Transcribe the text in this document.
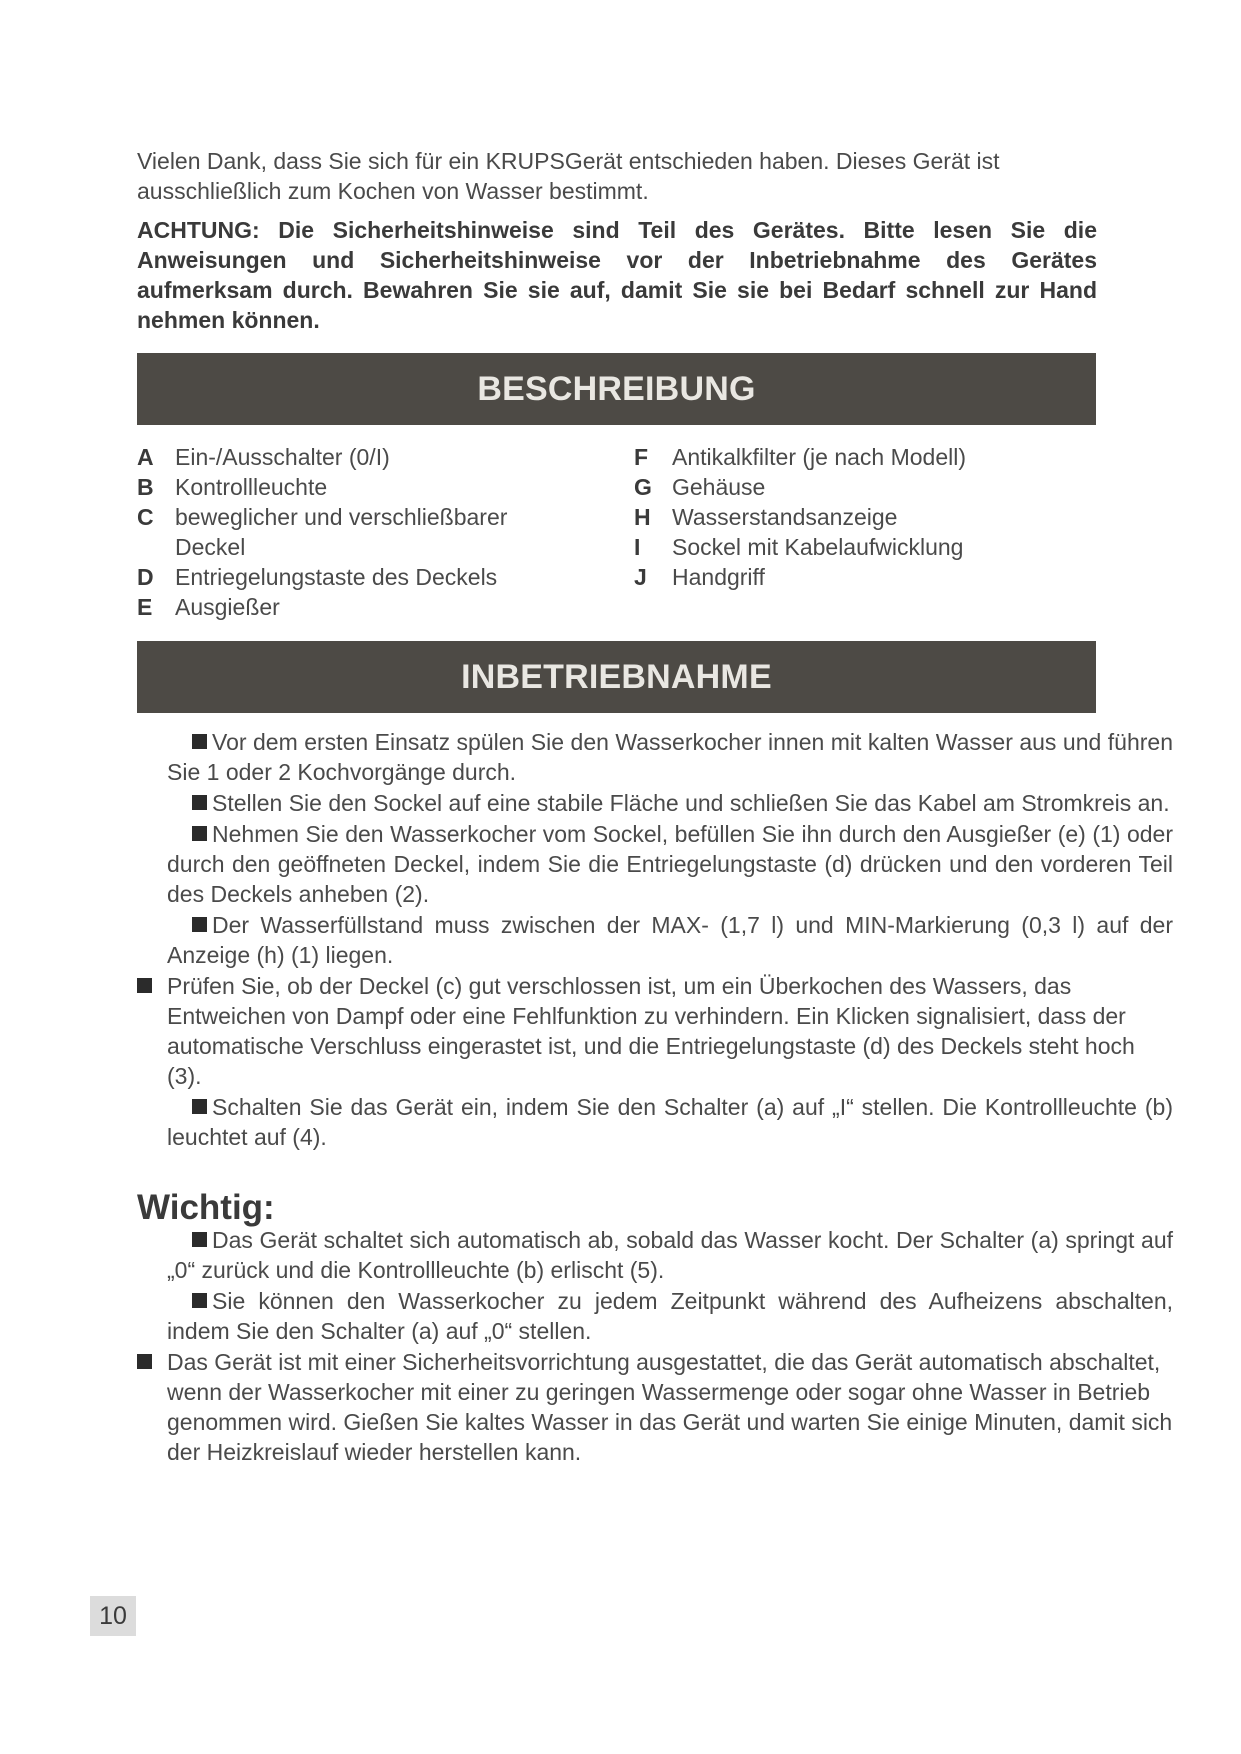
Vielen Dank, dass Sie sich für ein KRUPSGerät entschieden haben. Dieses Gerät ist ausschließlich zum Kochen von Wasser bestimmt.

ACHTUNG: Die Sicherheitshinweise sind Teil des Gerätes. Bitte lesen Sie die Anweisungen und Sicherheitshinweise vor der Inbetriebnahme des Gerätes aufmerksam durch. Bewahren Sie sie auf, damit Sie sie bei Bedarf schnell zur Hand nehmen können.

BESCHREIBUNG
A Ein-/Ausschalter (0/I)
B Kontrollleuchte
C beweglicher und verschließbarer Deckel
D Entriegelungstaste des Deckels
E Ausgießer
F	Antikalkfilter (je nach Modell)
G Gehäuse
H Wasserstandsanzeige
I	Sockel mit Kabelaufwicklung
J	Handgriff
INBETRIEBNAHME

Vor dem ersten Einsatz spülen Sie den Wasserkocher innen mit kalten Wasser aus und führen Sie 1 oder 2 Kochvorgänge durch.

Stellen Sie den Sockel auf eine stabile Fläche und schließen Sie das Kabel am Stromkreis an.

Nehmen Sie den Wasserkocher vom Sockel, befüllen Sie ihn durch den Ausgießer (e) (1) oder durch den geöffneten Deckel, indem Sie die Entriegelungstaste (d) drücken und den vorderen Teil des Deckels anheben (2).

Der Wasserfüllstand muss zwischen der MAX- (1,7 l) und MIN-Markierung (0,3 l) auf der Anzeige (h) (1) liegen.

Prüfen Sie, ob der Deckel (c) gut verschlossen ist, um ein Überkochen des Wassers, das Entweichen von Dampf oder eine Fehlfunktion zu verhindern. Ein Klicken signalisiert, dass der automatische Verschluss eingerastet ist, und die Entriegelungstaste (d) des Deckels steht hoch (3).

Schalten Sie das Gerät ein, indem Sie den Schalter (a) auf „I“ stellen. Die Kontrollleuchte (b) leuchtet auf (4).

Wichtig:

Das Gerät schaltet sich automatisch ab, sobald das Wasser kocht. Der Schalter (a) springt auf „0“ zurück und die Kontrollleuchte (b) erlischt (5).

Sie können den Wasserkocher zu jedem Zeitpunkt während des Aufheizens abschalten, indem Sie den Schalter (a) auf „0“ stellen.

Das Gerät ist mit einer Sicherheitsvorrichtung ausgestattet, die das Gerät automatisch abschaltet, wenn der Wasserkocher mit einer zu geringen Wassermenge oder sogar ohne Wasser in Betrieb genommen wird. Gießen Sie kaltes Wasser in das Gerät und warten Sie einige Minuten, damit sich der Heizkreislauf wieder herstellen kann.

10
